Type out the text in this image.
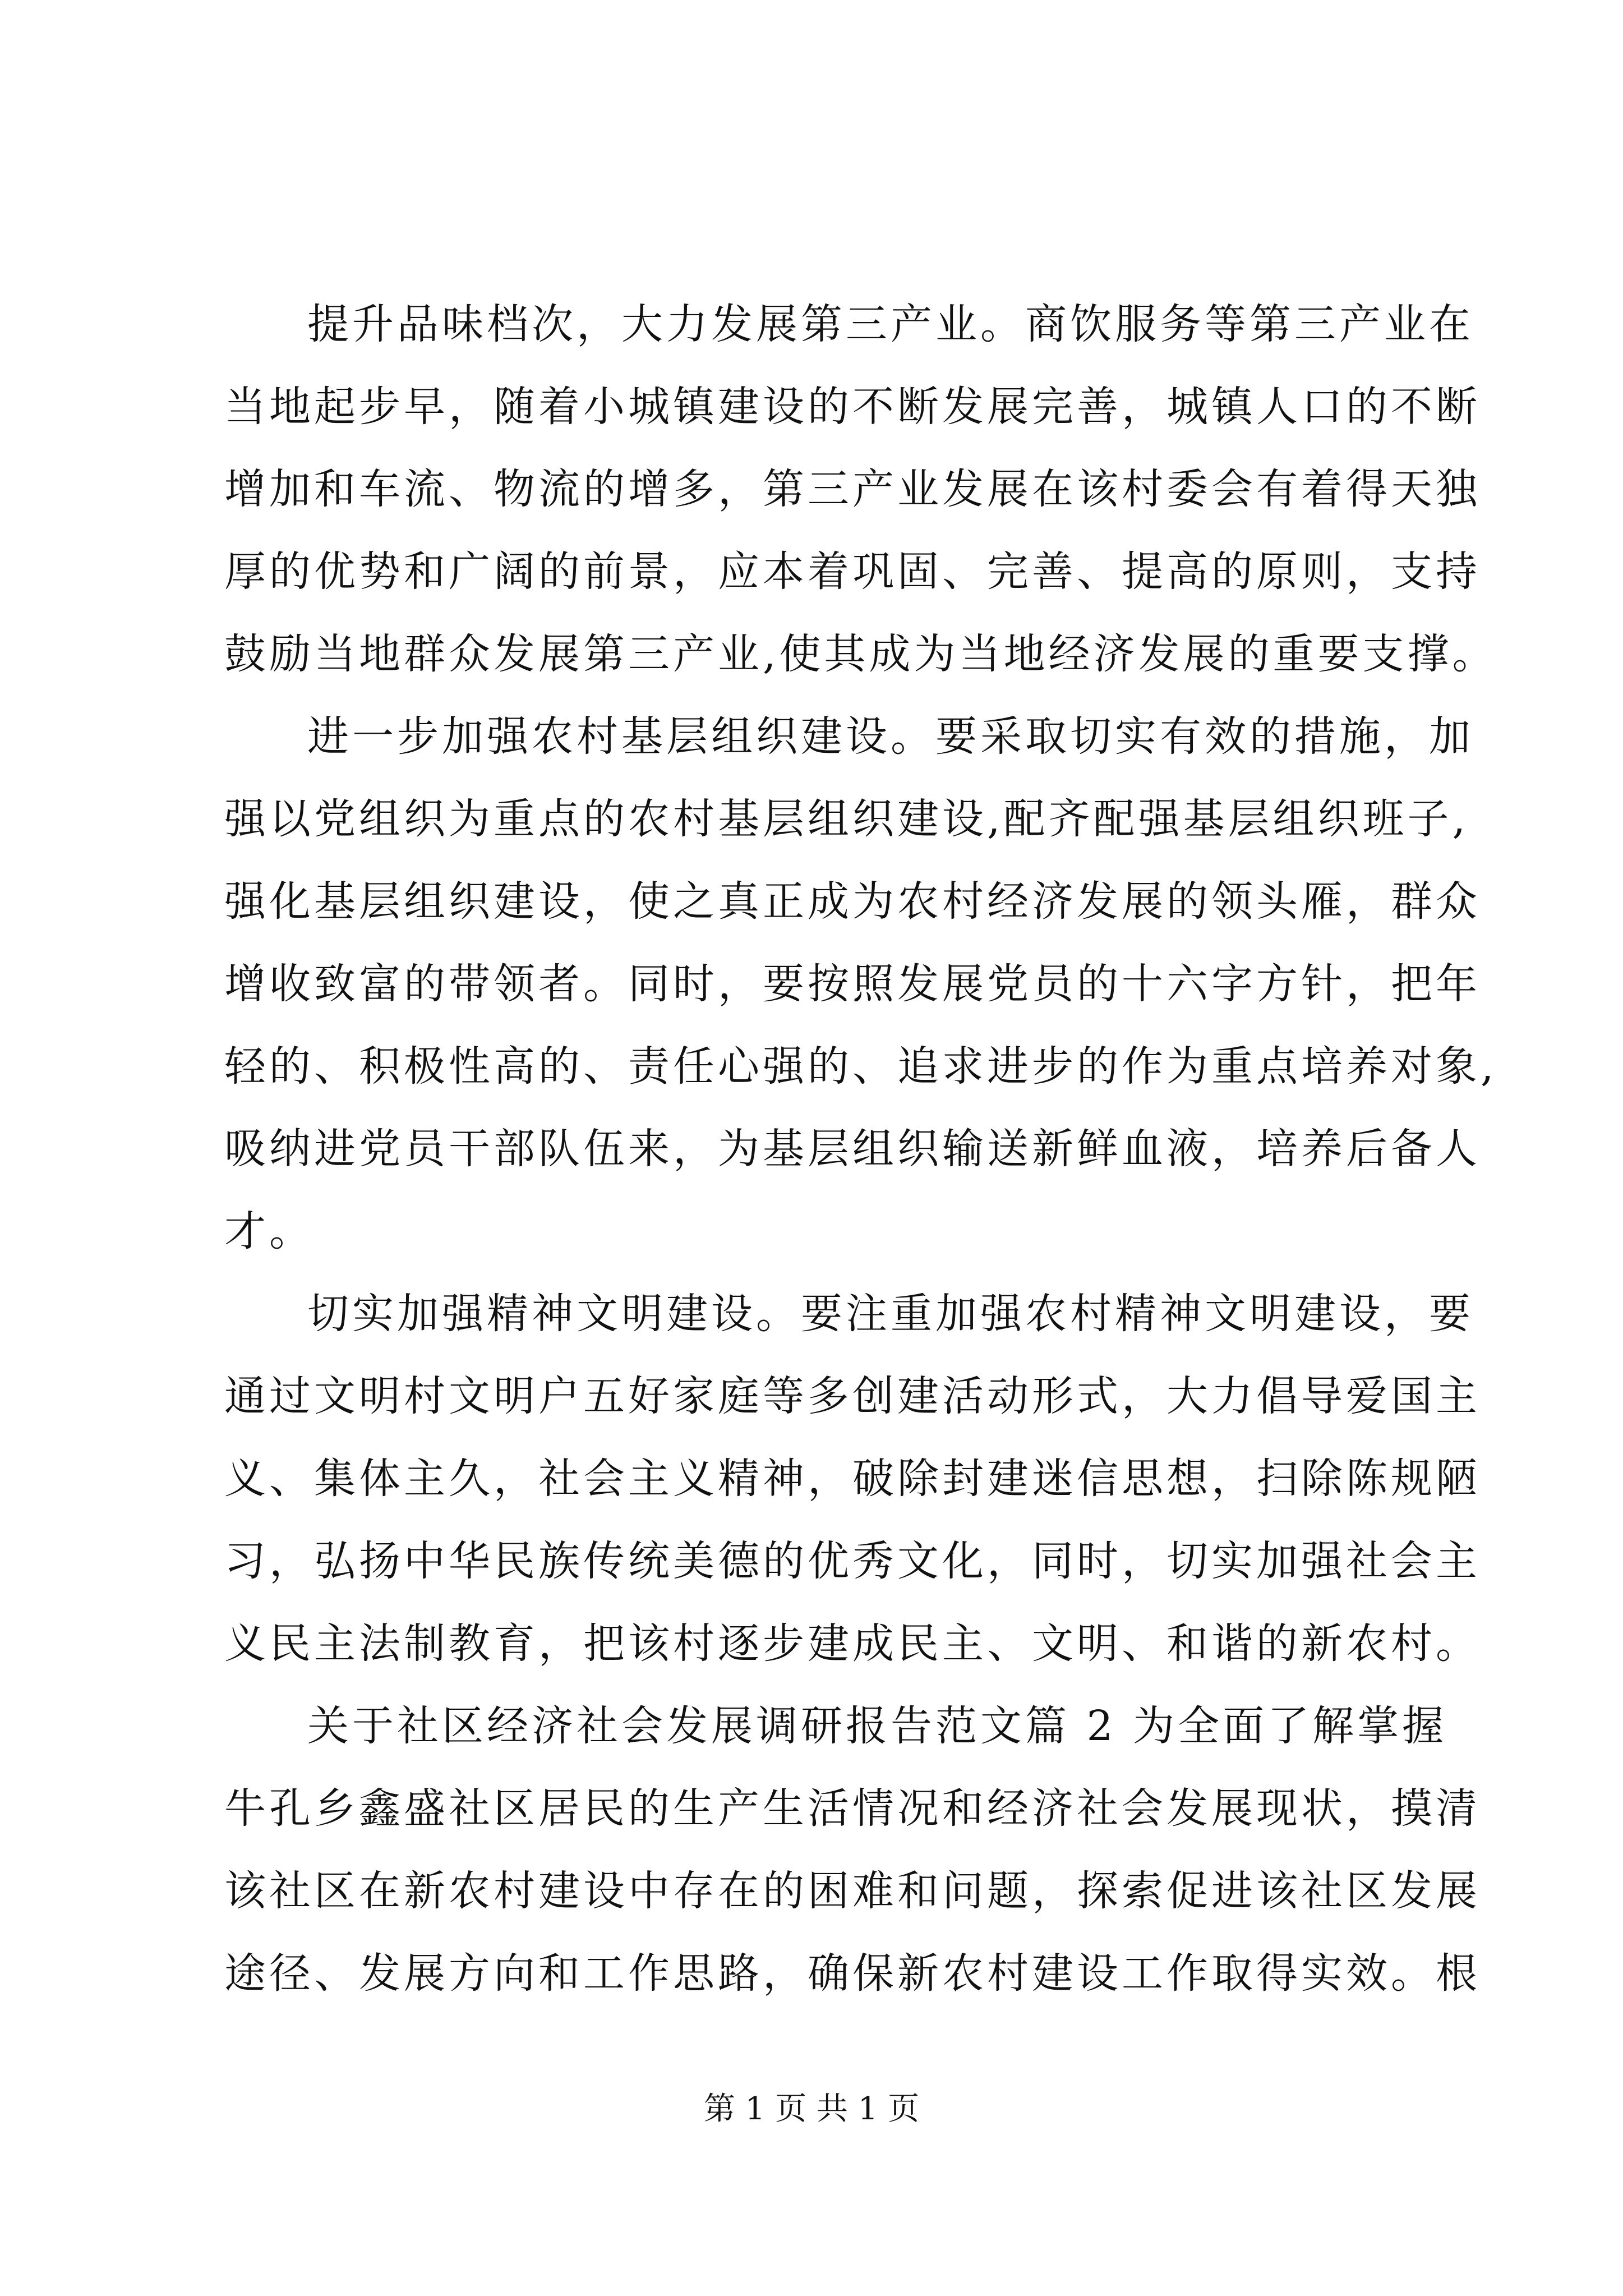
提升品味档次，大力发展第三产业。商饮服务等第三产业在
当地起步早，随着小城镇建设的不断发展完善，城镇人口的不断
增加和车流、物流的增多，第三产业发展在该村委会有着得天独
厚的优势和广阔的前景，应本着巩固、完善、提高的原则，支持
鼓励当地群众发展第三产业,使其成为当地经济发展的重要支撑。
进一步加强农村基层组织建设。要采取切实有效的措施，加
强以党组织为重点的农村基层组织建设,配齐配强基层组织班子,
强化基层组织建设，使之真正成为农村经济发展的领头雁，群众
增收致富的带领者。同时，要按照发展党员的十六字方针，把年
轻的、积极性高的、责任心强的、追求进步的作为重点培养对象,
吸纳进党员干部队伍来，为基层组织输送新鲜血液，培养后备人
才。
切实加强精神文明建设。要注重加强农村精神文明建设，要
通过文明村文明户五好家庭等多创建活动形式，大力倡导爱国主
义、集体主久，社会主义精神，破除封建迷信思想，扫除陈规陋
习，弘扬中华民族传统美德的优秀文化，同时，切实加强社会主
义民主法制教育，把该村逐步建成民主、文明、和谐的新农村。
关于社区经济社会发展调研报告范文篇 2 为全面了解掌握
牛孔乡鑫盛社区居民的生产生活情况和经济社会发展现状，摸清
该社区在新农村建设中存在的困难和问题，探索促进该社区发展
途径、发展方向和工作思路，确保新农村建设工作取得实效。根
第 1 页 共 1 页
